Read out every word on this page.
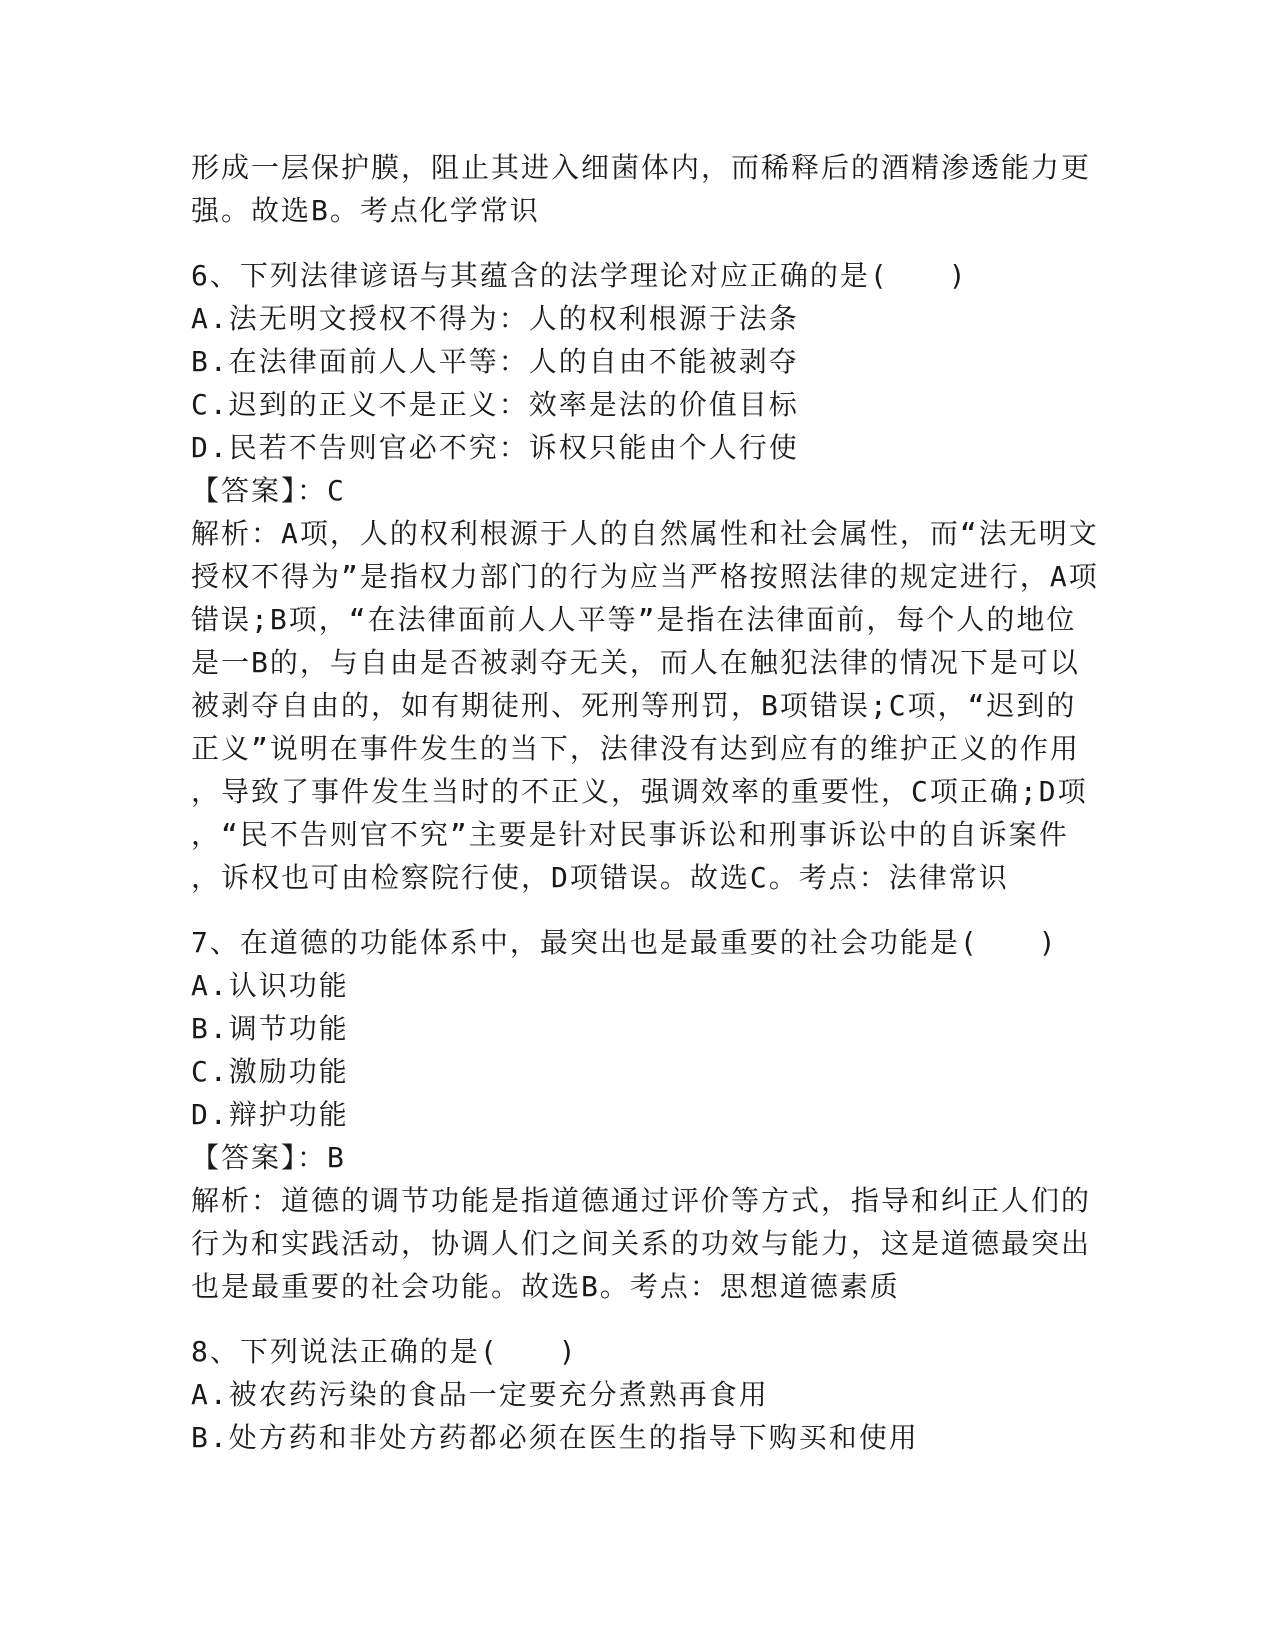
形成一层保护膜，阻止其进入细菌体内，而稀释后的酒精渗透能力更
强。故选B。考点化学常识
6、下列法律谚语与其蕴含的法学理论对应正确的是(　　)
A.法无明文授权不得为：人的权利根源于法条
B.在法律面前人人平等：人的自由不能被剥夺
C.迟到的正义不是正义：效率是法的价值目标
D.民若不告则官必不究：诉权只能由个人行使
【答案】：C
解析：A项，人的权利根源于人的自然属性和社会属性，而“法无明文
授权不得为”是指权力部门的行为应当严格按照法律的规定进行，A项
错误;B项，“在法律面前人人平等”是指在法律面前，每个人的地位
是一B的，与自由是否被剥夺无关，而人在触犯法律的情况下是可以
被剥夺自由的，如有期徒刑、死刑等刑罚，B项错误;C项，“迟到的
正义”说明在事件发生的当下，法律没有达到应有的维护正义的作用
，导致了事件发生当时的不正义，强调效率的重要性，C项正确;D项
，“民不告则官不究”主要是针对民事诉讼和刑事诉讼中的自诉案件
，诉权也可由检察院行使，D项错误。故选C。考点：法律常识
7、在道德的功能体系中，最突出也是最重要的社会功能是(　　)
A.认识功能
B.调节功能
C.激励功能
D.辩护功能
【答案】：B
解析：道德的调节功能是指道德通过评价等方式，指导和纠正人们的
行为和实践活动，协调人们之间关系的功效与能力，这是道德最突出
也是最重要的社会功能。故选B。考点：思想道德素质
8、下列说法正确的是(　　)
A.被农药污染的食品一定要充分煮熟再食用
B.处方药和非处方药都必须在医生的指导下购买和使用
